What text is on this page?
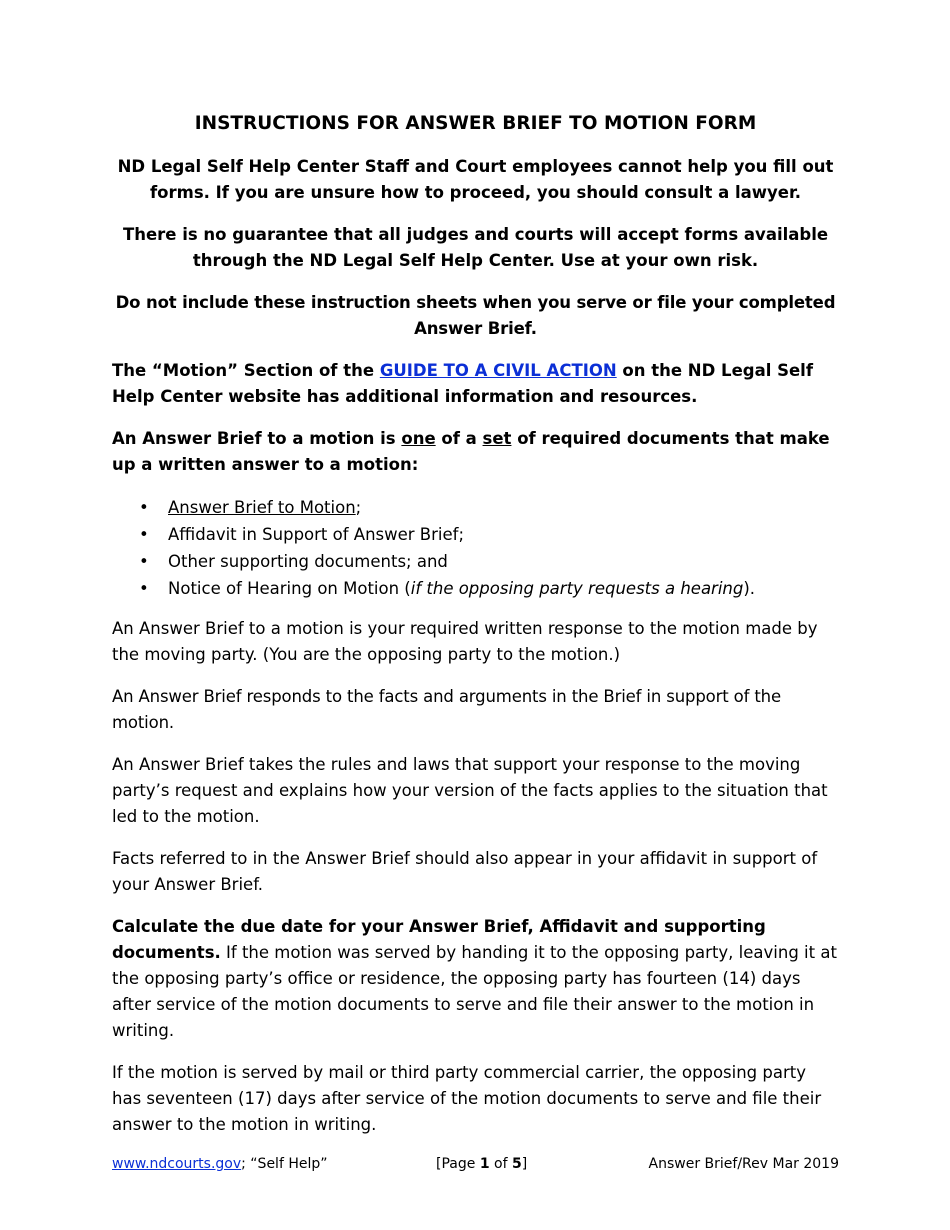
INSTRUCTIONS FOR ANSWER BRIEF TO MOTION FORM

ND Legal Self Help Center Staff and Court employees cannot help you fill out forms. If you are unsure how to proceed, you should consult a lawyer.

There is no guarantee that all judges and courts will accept forms available through the ND Legal Self Help Center. Use at your own risk.

Do not include these instruction sheets when you serve or file your completed Answer Brief.

The “Motion” Section of the GUIDE TO A CIVIL ACTION on the ND Legal Self Help Center website has additional information and resources.

An Answer Brief to a motion is one of a set of required documents that make up a written answer to a motion:

• Answer Brief to Motion;
• Affidavit in Support of Answer Brief;
• Other supporting documents; and
• Notice of Hearing on Motion (if the opposing party requests a hearing).

An Answer Brief to a motion is your required written response to the motion made by the moving party. (You are the opposing party to the motion.)

An Answer Brief responds to the facts and arguments in the Brief in support of the motion.

An Answer Brief takes the rules and laws that support your response to the moving party’s request and explains how your version of the facts applies to the situation that led to the motion.

Facts referred to in the Answer Brief should also appear in your affidavit in support of your Answer Brief.

Calculate the due date for your Answer Brief, Affidavit and supporting documents. If the motion was served by handing it to the opposing party, leaving it at the opposing party’s office or residence, the opposing party has fourteen (14) days after service of the motion documents to serve and file their answer to the motion in writing.

If the motion is served by mail or third party commercial carrier, the opposing party has seventeen (17) days after service of the motion documents to serve and file their answer to the motion in writing.

www.ndcourts.gov; “Self Help”	[Page 1 of 5]	Answer Brief/Rev Mar 2019
